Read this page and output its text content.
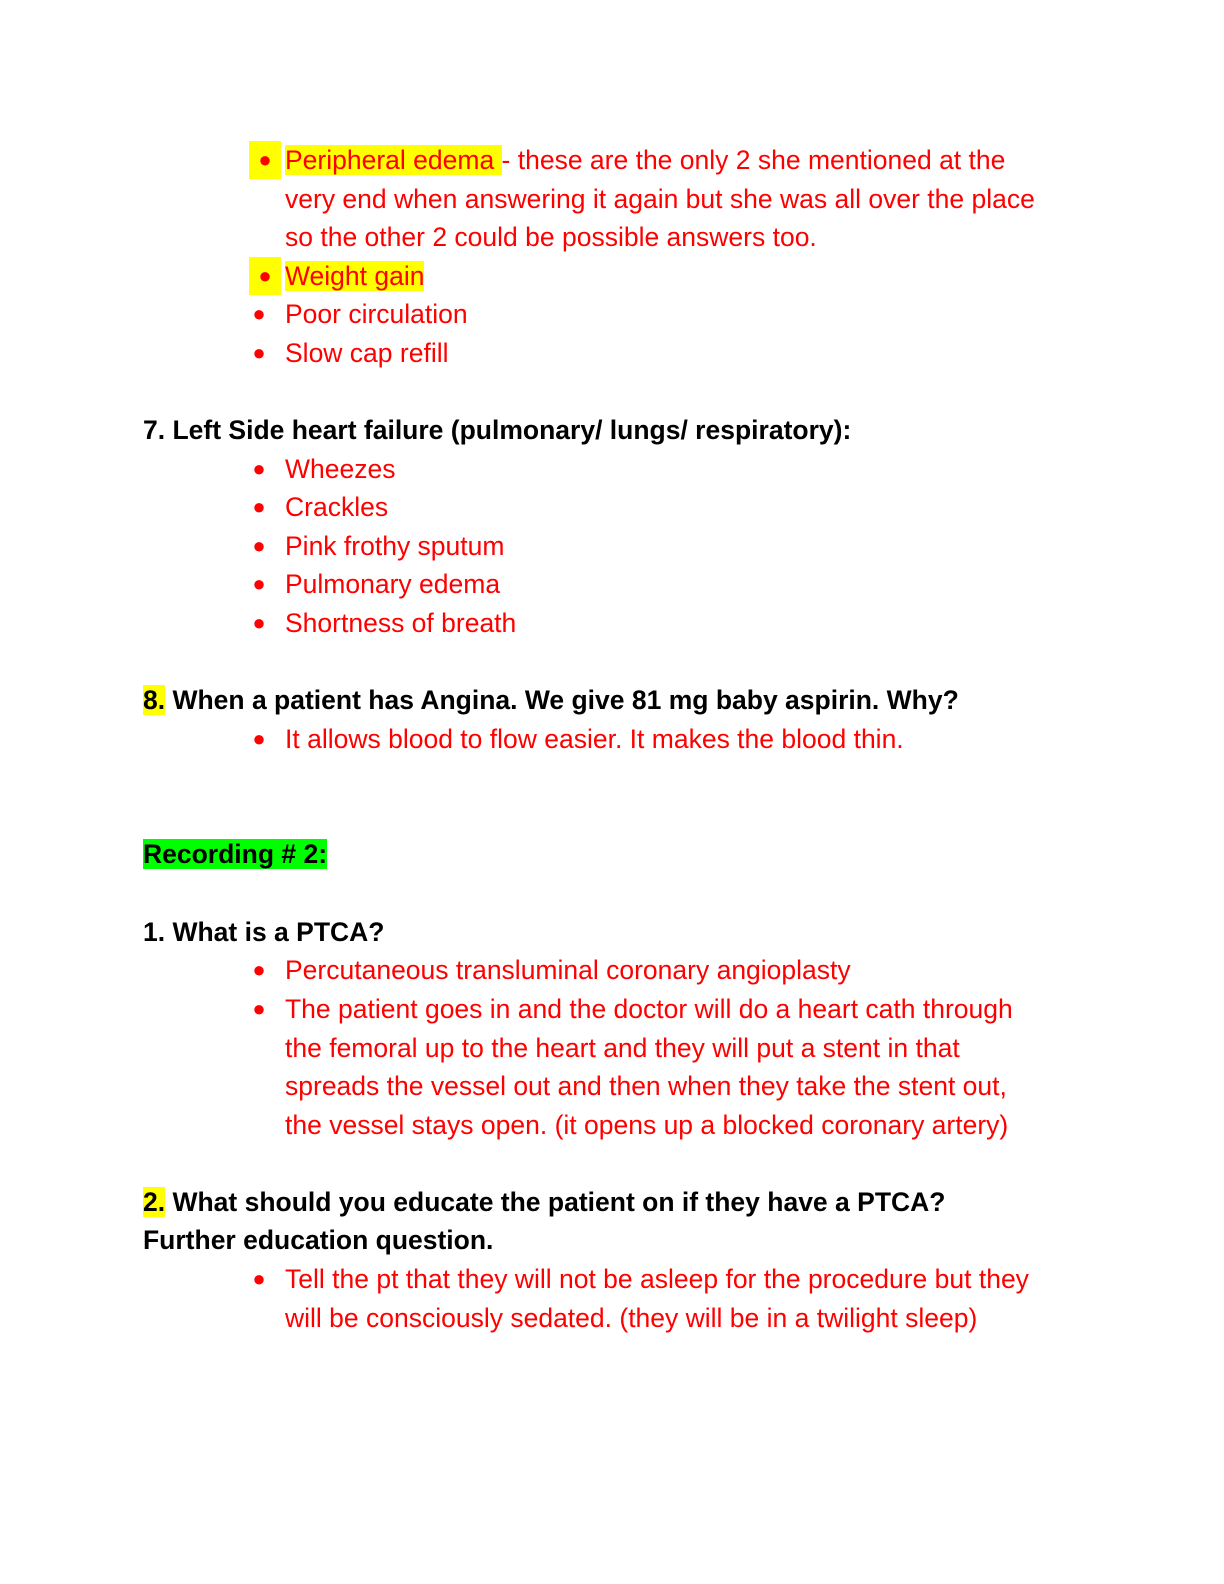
● Peripheral edema - these are the only 2 she mentioned at the
very end when answering it again but she was all over the place
so the other 2 could be possible answers too.
● Weight gain
● Poor circulation
● Slow cap refill
7. Left Side heart failure (pulmonary/ lungs/ respiratory):
● Wheezes
● Crackles
● Pink frothy sputum
● Pulmonary edema
● Shortness of breath
8. When a patient has Angina. We give 81 mg baby aspirin. Why?
● It allows blood to flow easier. It makes the blood thin.
Recording # 2:
1. What is a PTCA?
● Percutaneous transluminal coronary angioplasty
● The patient goes in and the doctor will do a heart cath through
the femoral up to the heart and they will put a stent in that
spreads the vessel out and then when they take the stent out,
the vessel stays open. (it opens up a blocked coronary artery)
2. What should you educate the patient on if they have a PTCA?
Further education question.
● Tell the pt that they will not be asleep for the procedure but they
will be consciously sedated. (they will be in a twilight sleep)
